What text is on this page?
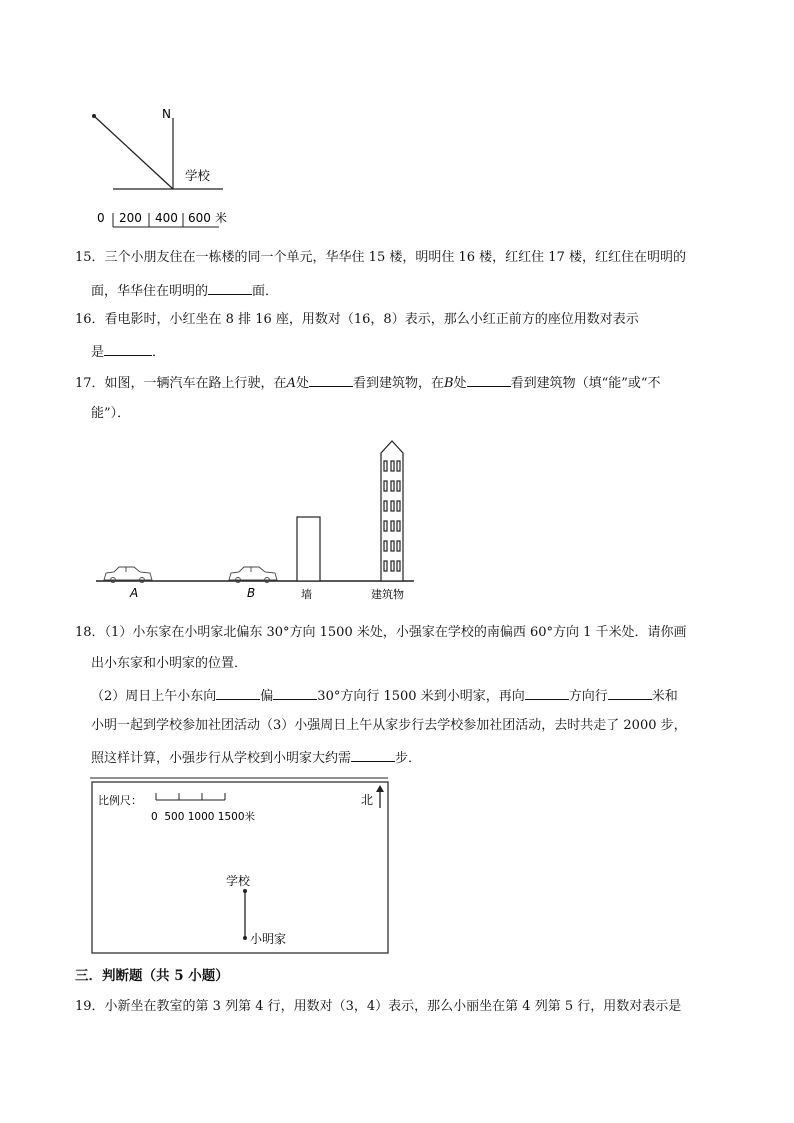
N
学校
0 200 400 600 米
15．三个小朋友住在一栋楼的同一个单元，华华住 15 楼，明明住 16 楼，红红住 17 楼，红红住在明明的
面，华华住在明明的	面．
16．看电影时，小红坐在 8 排 16 座，用数对（16，8）表示，那么小红正前方的座位用数对表示
是	．
17．如图，一辆汽车在路上行驶，在A处	看到建筑物，在B处	看到建筑物（填“能”或“不
能”）．
A	B	墙	建筑物
18．（1）小东家在小明家北偏东 30°方向 1500 米处，小强家在学校的南偏西 60°方向 1 千米处．请你画
出小东家和小明家的位置．
（2）周日上午小东向	偏	30°方向行 1500 米到小明家，再向	方向行	米和
小明一起到学校参加社团活动（3）小强周日上午从家步行去学校参加社团活动，去时共走了 2000 步，
照这样计算，小强步行从学校到小明家大约需	步．
比例尺：
0  500 1000 1500米
北
学校
小明家
三．判断题（共 5 小题）
19．小新坐在教室的第 3 列第 4 行，用数对（3，4）表示，那么小丽坐在第 4 列第 5 行，用数对表示是
